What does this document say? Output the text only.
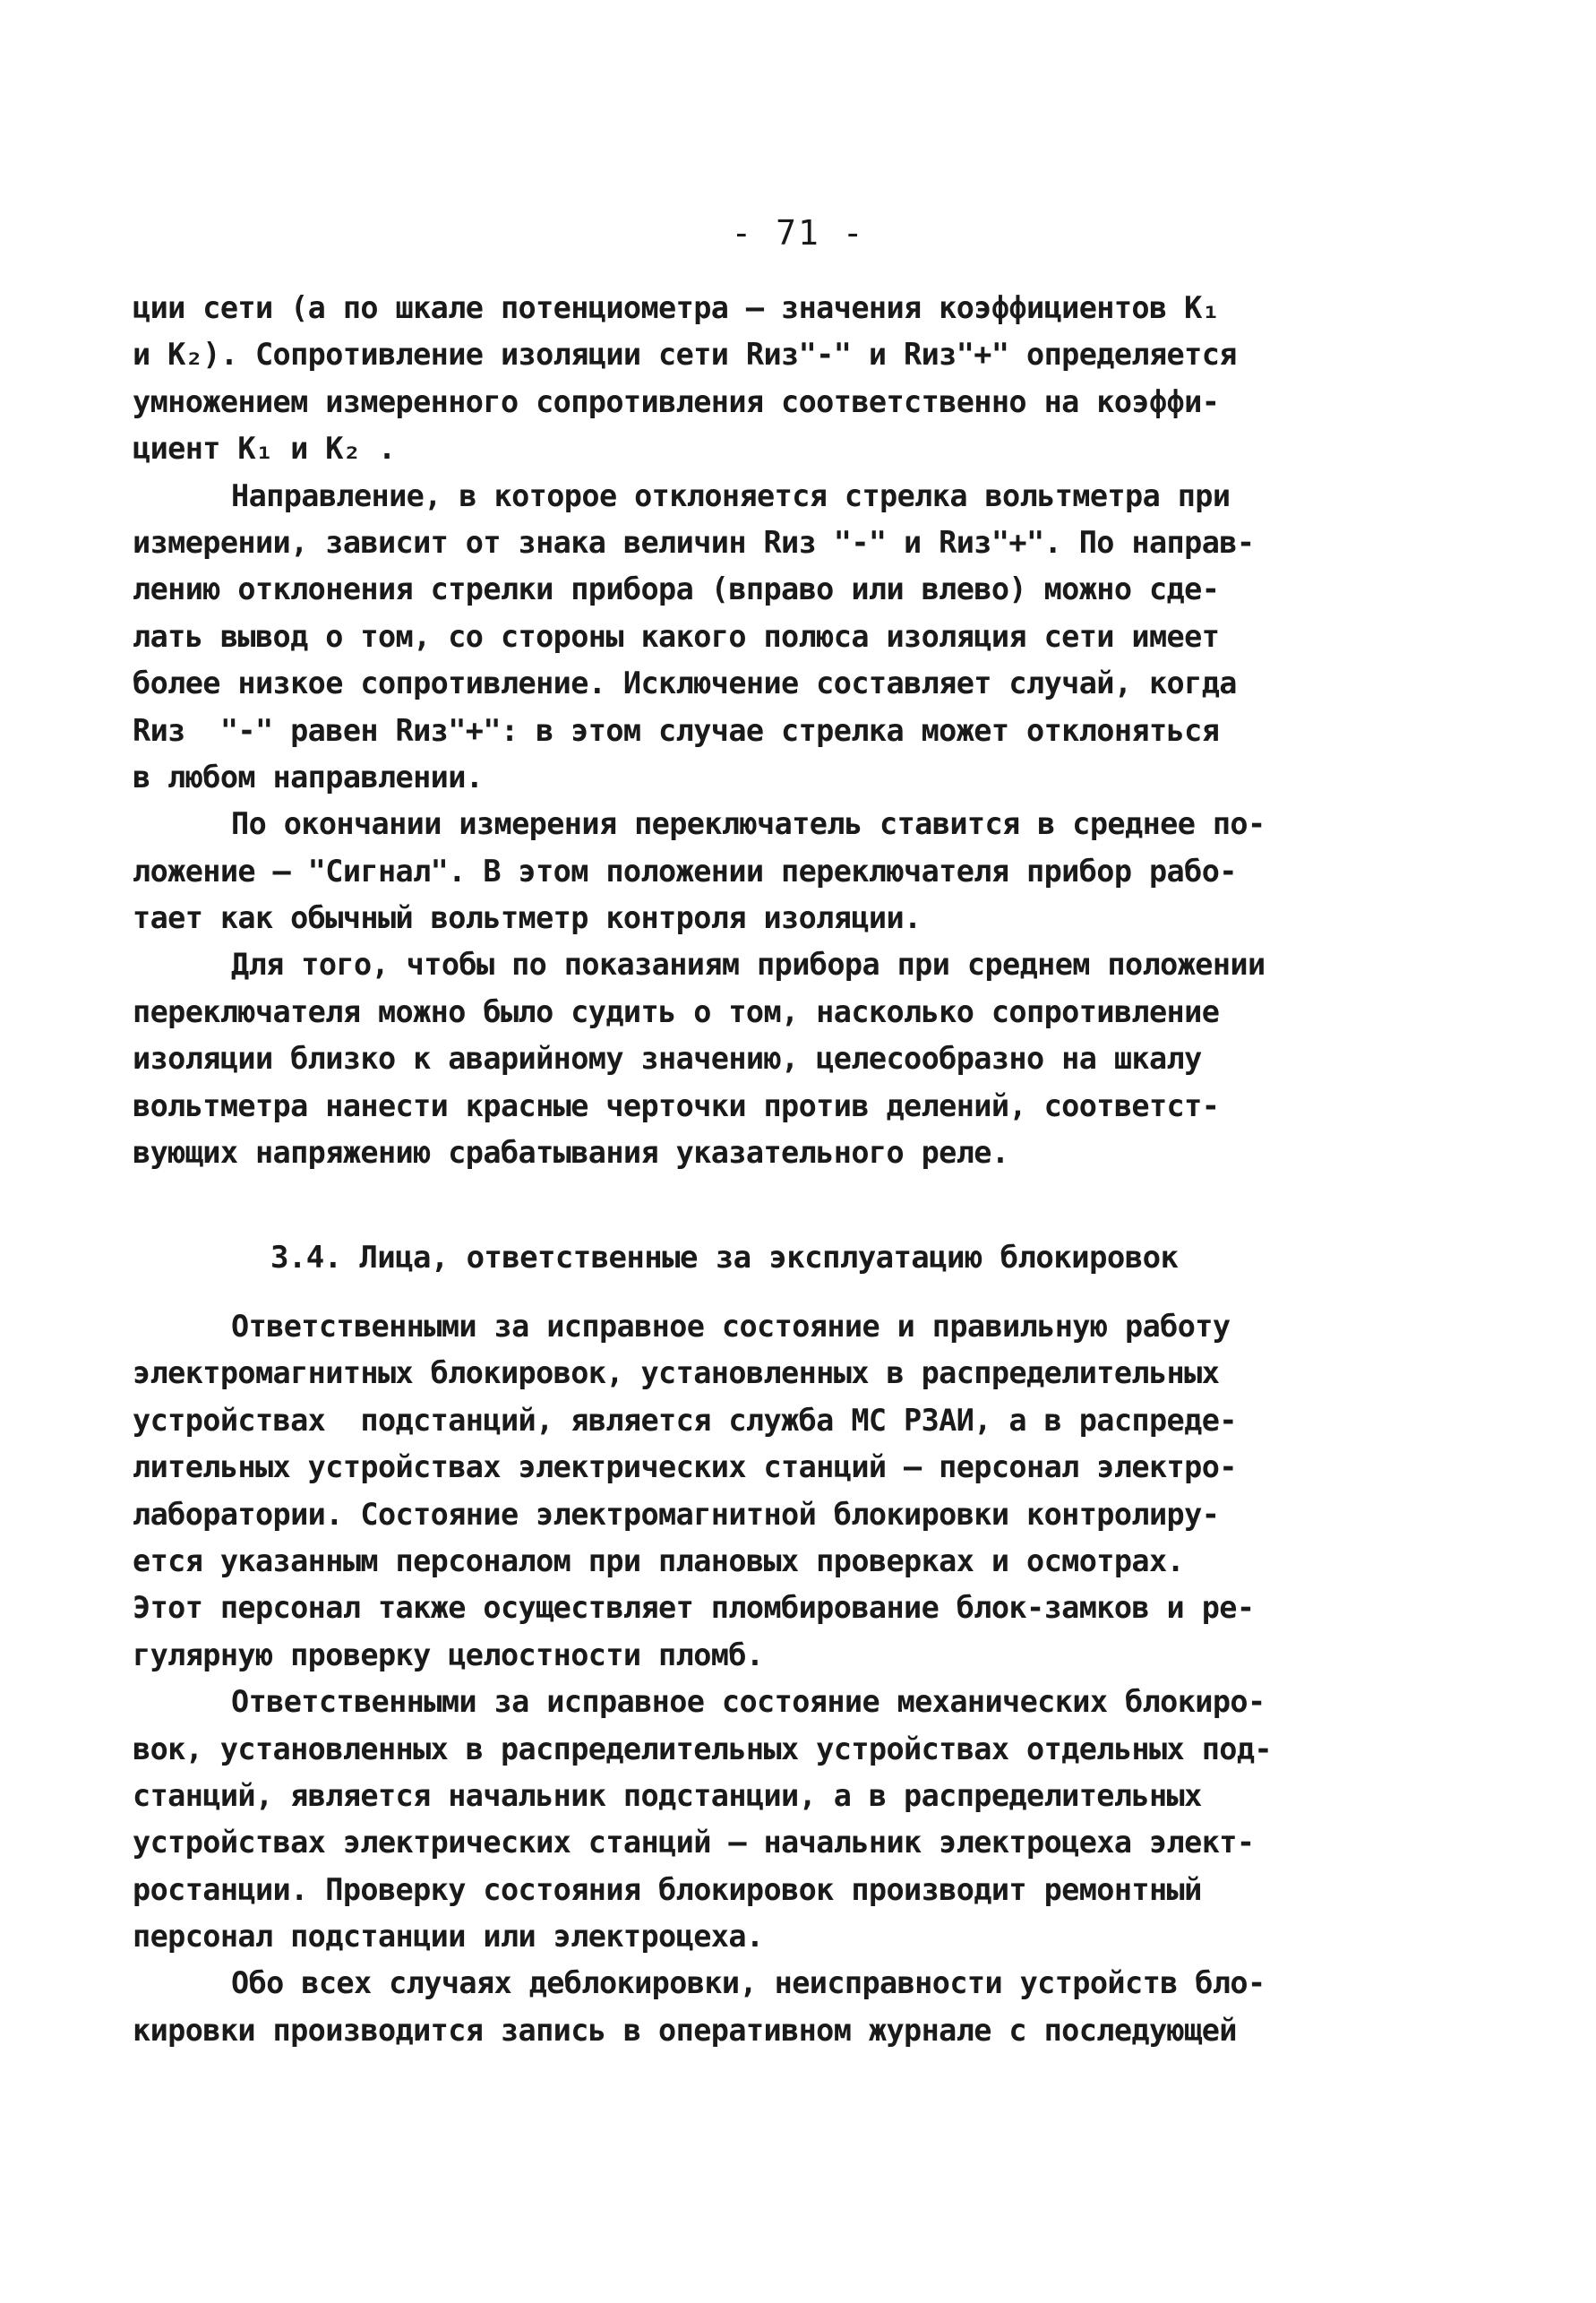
- 71 -
ции сети (а по шкале потенциометра – значения коэффициентов K₁
и K₂). Сопротивление изоляции сети Rиз"-" и Rиз"+" определяется
умножением измеренного сопротивления соответственно на коэффи-
циент K₁ и K₂ .
Направление, в которое отклоняется стрелка вольтметра при
измерении, зависит от знака величин Rиз "-" и Rиз"+". По направ-
лению отклонения стрелки прибора (вправо или влево) можно сде-
лать вывод о том, со стороны какого полюса изоляция сети имеет
более низкое сопротивление. Исключение составляет случай, когда
Rиз  "-" равен Rиз"+": в этом случае стрелка может отклоняться
в любом направлении.
По окончании измерения переключатель ставится в среднее по-
ложение – "Сигнал". В этом положении переключателя прибор рабо-
тает как обычный вольтметр контроля изоляции.
Для того, чтобы по показаниям прибора при среднем положении
переключателя можно было судить о том, насколько сопротивление
изоляции близко к аварийному значению, целесообразно на шкалу
вольтметра нанести красные черточки против делений, соответст-
вующих напряжению срабатывания указательного реле.
3.4. Лица, ответственные за эксплуатацию блокировок
Ответственными за исправное состояние и правильную работу
электромагнитных блокировок, установленных в распределительных
устройствах  подстанций, является служба МС РЗАИ, а в распреде-
лительных устройствах электрических станций – персонал электро-
лаборатории. Состояние электромагнитной блокировки контролиру-
ется указанным персоналом при плановых проверках и осмотрах.
Этот персонал также осуществляет пломбирование блок-замков и ре-
гулярную проверку целостности пломб.
Ответственными за исправное состояние механических блокиро-
вок, установленных в распределительных устройствах отдельных под-
станций, является начальник подстанции, а в распределительных
устройствах электрических станций – начальник электроцеха элект-
ростанции. Проверку состояния блокировок производит ремонтный
персонал подстанции или электроцеха.
Обо всех случаях деблокировки, неисправности устройств бло-
кировки производится запись в оперативном журнале с последующей
